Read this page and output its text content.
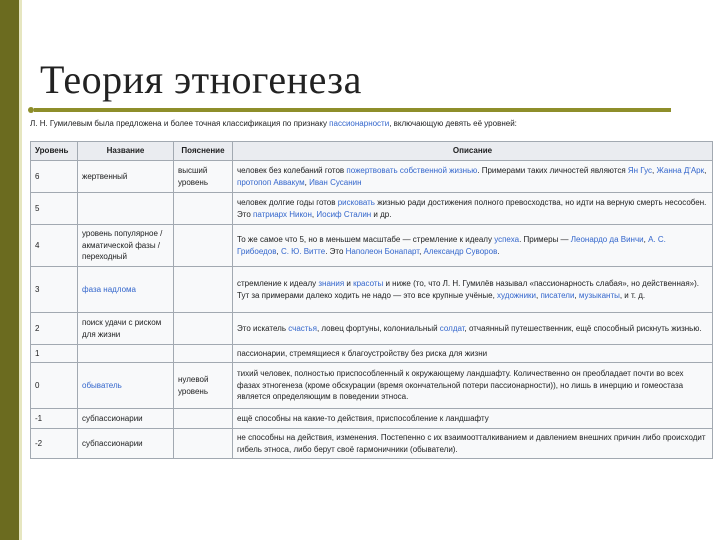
Теория этногенеза
Л. Н. Гумилевым была предложена и более точная классификация по признаку пассионарности, включающую девять её уровней:
Уровень	Название	Пояснение	Описание
6	жертвенный	высший уровень	человек без колебаний готов пожертвовать собственной жизнью. Примерами таких личностей являются Ян Гус, Жанна Д'Арк, протопоп Аввакум, Иван Сусанин
5			человек долгие годы готов рисковать жизнью ради достижения полного превосходства, но идти на верную смерть несособен. Это патриарх Никон, Иосиф Сталин и др.
4	уровень популярное / акматической фазы / переходный		То же самое что 5, но в меньшем масштабе — стремление к идеалу успеха. Примеры — Леонардо да Винчи, А. С. Грибоедов, С. Ю. Витте. Это Наполеон Бонапарт, Александр Суворов.
3	фаза надлома		стремление к идеалу знания и красоты и ниже (то, что Л. Н. Гумилёв называл «пассионарность слабая», но действенная»). Тут за примерами далеко ходить не надо — это все крупные учёные, художники, писатели, музыканты, и т. д.
2	поиск удачи с риском для жизни		Это искатель счастья, ловец фортуны, колониальный солдат, отчаянный путешественник, ещё способный рискнуть жизнью.
1			пассионарии, стремящиеся к благоустройству без риска для жизни
0	обыватель	нулевой уровень	тихий человек, полностью приспособленный к окружающему ландшафту. Количественно он преобладает почти во всех фазах этногенеза (кроме обскурации (время окончательной потери пассионарности)), но лишь в инерцию и гомеостаза является определяющим в поведении этноса.
-1	субпассионарии		ещё способны на какие-то действия, приспособление к ландшафту
-2	субпассионарии		не способны на действия, изменения. Постепенно с их взаимоотталкиванием и давлением внешних причин либо происходит гибель этноса, либо берут своё гармоничники (обыватели).
